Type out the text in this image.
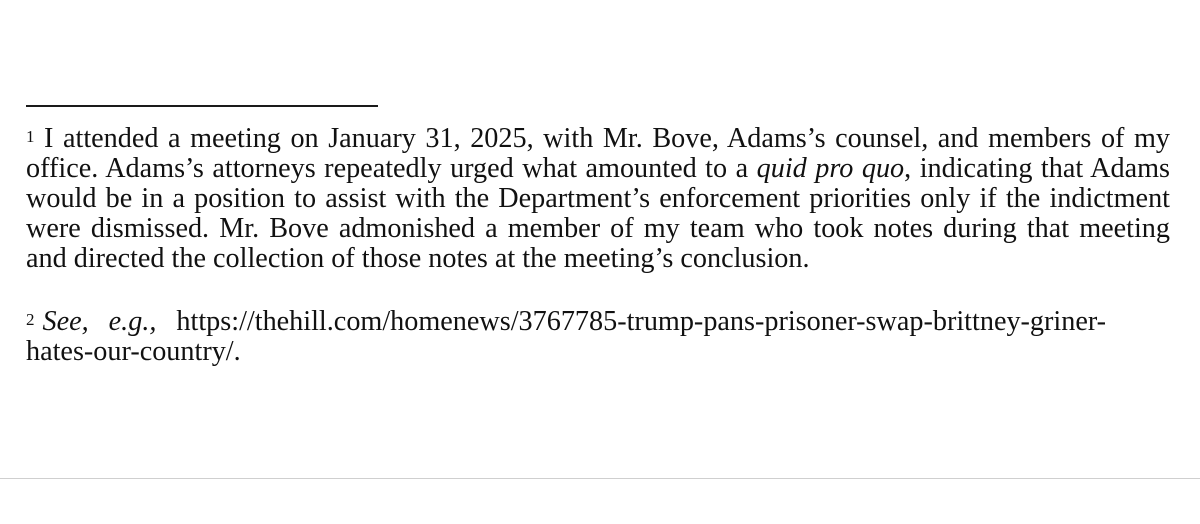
$^1$ I attended a meeting on January 31, 2025, with Mr. Bove, Adams’s counsel, and members of my office. Adams’s attorneys repeatedly urged what amounted to a quid pro quo, indicating that Adams would be in a position to assist with the Department’s enforcement priorities only if the indictment were dismissed. Mr. Bove admonished a member of my team who took notes during that meeting and directed the collection of those notes at the meeting’s conclusion.
$^2$ See, e.g., https://thehill.com/homenews/3767785-trump-pans-prisoner-swap-brittney-griner-hates-our-country/.
